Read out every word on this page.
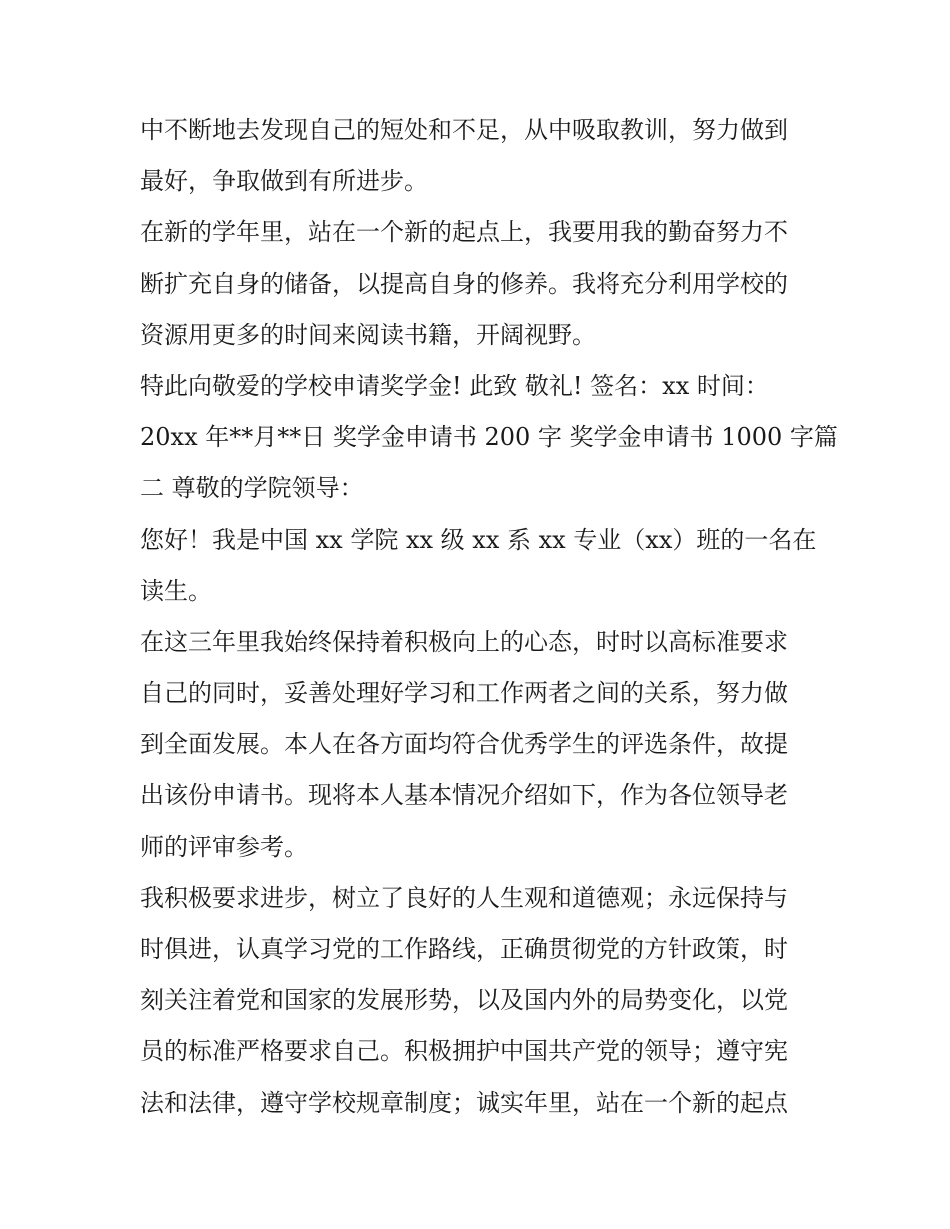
中不断地去发现自己的短处和不足，从中吸取教训，努力做到
最好，争取做到有所进步。

在新的学年里，站在一个新的起点上，我要用我的勤奋努力不
断扩充自身的储备，以提高自身的修养。我将充分利用学校的
资源用更多的时间来阅读书籍，开阔视野。

特此向敬爱的学校申请奖学金! 此致 敬礼! 签名：xx 时间：
20xx 年**月**日 奖学金申请书 200 字 奖学金申请书 1000 字篇
二 尊敬的学院领导：

您好！我是中国 xx 学院 xx 级 xx 系 xx 专业（xx）班的一名在
读生。

在这三年里我始终保持着积极向上的心态，时时以高标准要求
自己的同时，妥善处理好学习和工作两者之间的关系，努力做
到全面发展。本人在各方面均符合优秀学生的评选条件，故提
出该份申请书。现将本人基本情况介绍如下，作为各位领导老
师的评审参考。

我积极要求进步，树立了良好的人生观和道德观；永远保持与
时俱进，认真学习党的工作路线，正确贯彻党的方针政策，时
刻关注着党和国家的发展形势，以及国内外的局势变化，以党
员的标准严格要求自己。积极拥护中国共产党的领导；遵守宪
法和法律，遵守学校规章制度；诚实年里，站在一个新的起点
